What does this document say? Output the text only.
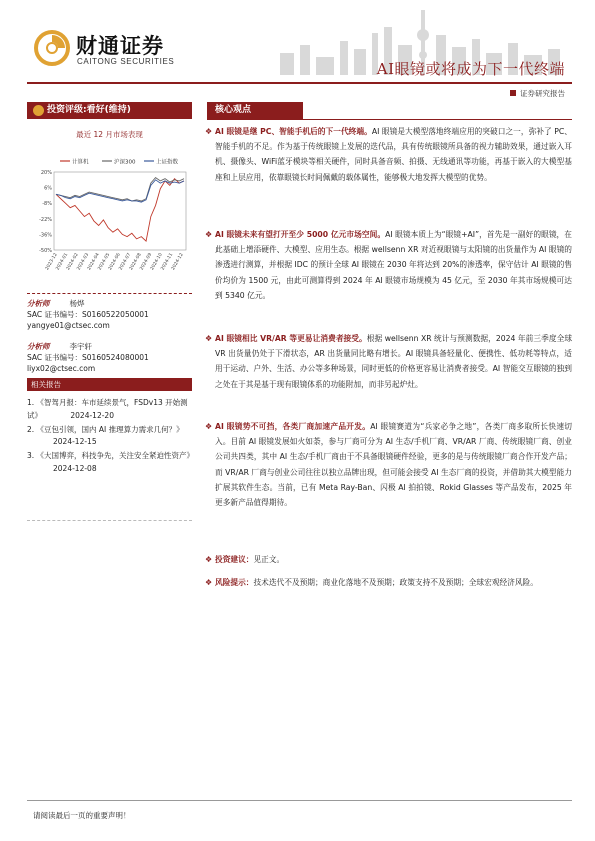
财通证券
CAITONG SECURITIES	AI眼镜或将成为下一代终端
证券研究报告
投资评级:看好(维持)
最近 12 月市场表现
计算机	沪深300	上证指数
20%
6%
-8%
-22%
-36%
-50%
2023-12
2024-01
2024-02
2024-03
2024-04
2024-05
2024-06
2024-07
2024-08
2024-09
2024-10
2024-11
2024-12
分析师	杨烨
SAC 证书编号：S0160522050001
yangye01@ctsec.com
分析师	李宇轩
SAC 证书编号：S0160524080001
liyx02@ctsec.com
相关报告
1. 《智驾月报：车市延续景气，FSDv13 开始测试》	2024-12-20
2. 《豆包引领，国内 AI 推理算力需求几何？》 2024-12-15
3. 《大国博弈，科技争先，关注安全紧迫性资产》 2024-12-08
核心观点
❖ AI 眼镜是继 PC、智能手机后的下一代终端。AI 眼镜是大模型落地终端应用的突破口之一，弥补了 PC、智能手机的不足。作为基于传统眼镜上发展的迭代品，具有传统眼镜所具备的视力辅助效果，通过嵌入耳机、摄像头、WiFi蓝牙模块等相关硬件，同时具备音频、拍摄、无线通讯等功能，再基于嵌入的大模型基座和上层应用，依靠眼镜长时间佩戴的载体属性，能够极大地发挥大模型的优势。
❖ AI 眼镜未来有望打开至少 5000 亿元市场空间。AI 眼镜本质上为“眼镜+AI”，首先是一副好的眼镜，在此基础上增添硬件、大模型、应用生态。根据 wellsenn XR 对近视眼镜与太阳镜的出货量作为 AI 眼镜的渗透进行测算，并根据 IDC 的预计全球 AI 眼镜在 2030 年将达到 20%的渗透率，保守估计 AI 眼镜的售价均价为 1500 元，由此可测算得到 2024 年 AI 眼镜市场规模为 45 亿元，至 2030 年其市场规模可达到 5340 亿元。
❖ AI 眼镜相比 VR/AR 等更易让消费者接受。根据 wellsenn XR 统计与预测数据，2024 年前三季度全球 VR 出货量仍处于下滑状态，AR 出货量同比略有增长。AI 眼镜具备轻量化、便携性、低功耗等特点，适用于运动、户外、生活、办公等多种场景，同时更低的价格更容易让消费者接受。AI 智能交互眼镜的独到之处在于其是基于现有眼镜体系的功能附加，而非另起炉灶。
❖ AI 眼镜势不可挡，各类厂商加速产品开发。AI 眼镜赛道为“兵家必争之地”，各类厂商多取所长快速切入。目前 AI 眼镜发展如火如荼，参与厂商可分为 AI 生态/手机厂商、VR/AR 厂商、传统眼镜厂商、创业公司共四类，其中 AI 生态/手机厂商由于不具备眼镜硬件经验，更多的是与传统眼镜厂商合作开发产品；而 VR/AR 厂商与创业公司往往以独立品牌出现，但可能会接受 AI 生态厂商的投资，并借助其大模型能力扩展其软件生态。当前，已有 Meta Ray-Ban、闪极 AI 拍拍镜、Rokid Glasses 等产品发布，2025 年更多新产品值得期待。
❖ 投资建议：见正文。
❖ 风险提示：技术迭代不及预期；商业化落地不及预期；政策支持不及预期；全球宏观经济风险。
请阅读最后一页的重要声明！
